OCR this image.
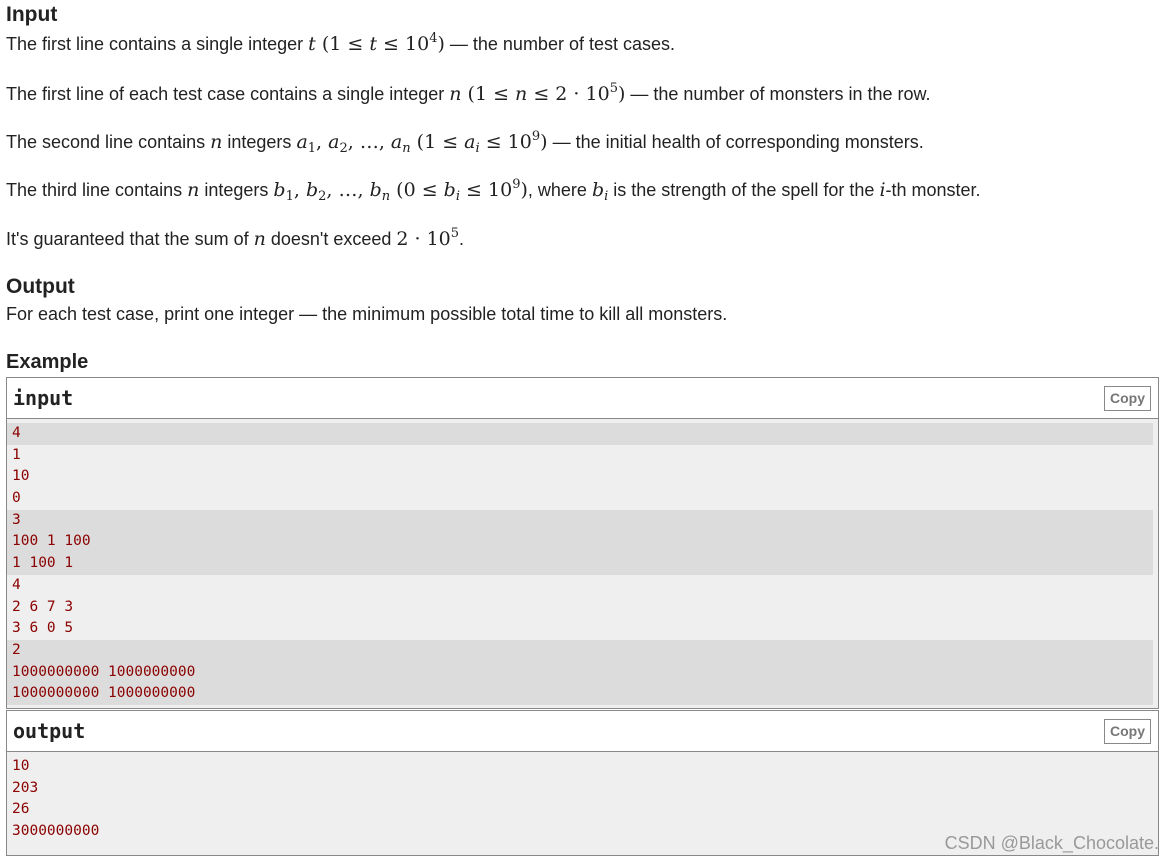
Input
The first line contains a single integer t $(1 \le t \le 10^4)$ — the number of test cases.
The first line of each test case contains a single integer n $(1 \le n \le 2 \cdot 10^5)$ — the number of monsters in the row.
The second line contains n integers $a_1$, $a_2$, …, $a_n$ $(1 \le a_i \le 10^9)$ — the initial health of corresponding monsters.
The third line contains n integers $b_1$, $b_2$, …, $b_n$ $(0 \le b_i \le 10^9)$, where $b_i$ is the strength of the spell for the i-th monster.
It's guaranteed that the sum of n doesn't exceed $2 \cdot 10^5$.
Output
For each test case, print one integer — the minimum possible total time to kill all monsters.
Example
input	Copy
4
1
10
0
3
100 1 100
1 100 1
4
2 6 7 3
3 6 0 5
2
1000000000 1000000000
1000000000 1000000000
output	Copy
10
203
26
3000000000
CSDN @Black_Chocolate.
